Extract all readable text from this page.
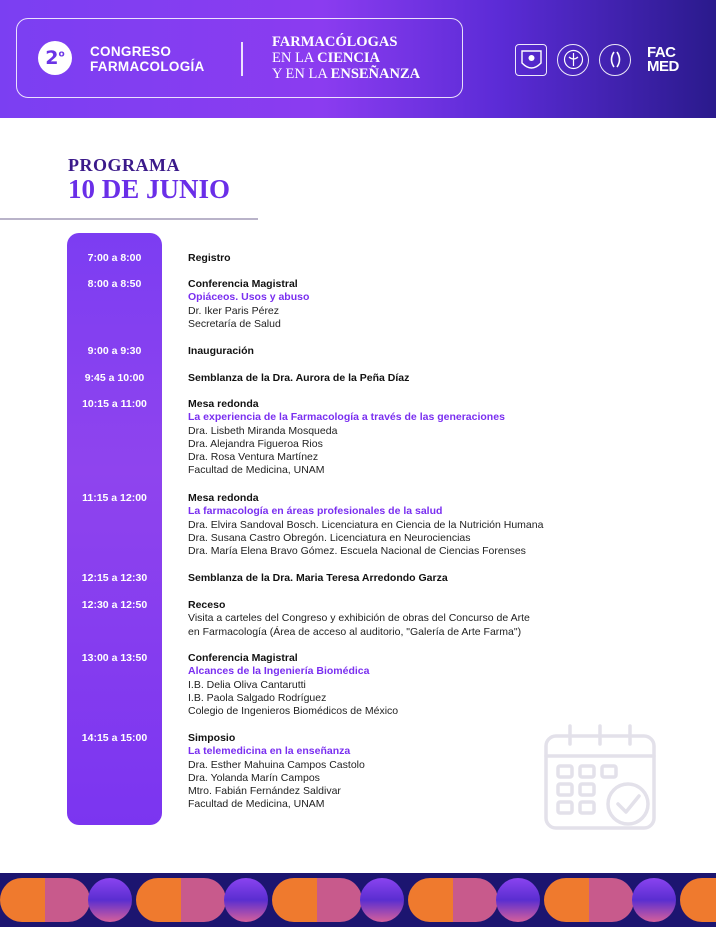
2$^o$	CONGRESO
FARMACOLOGÍA
FARMACÓLOGAS
EN LA CIENCIA
Y EN LA ENSEÑANZA
FAC
MED
PROGRAMA
10 DE JUNIO
7:00 a 8:00	Registro
8:00 a 8:50	Conferencia Magistral
Opiáceos. Usos y abuso
Dr. Iker Paris Pérez
Secretaría de Salud
9:00 a 9:30	Inauguración
9:45 a 10:00	Semblanza de la Dra. Aurora de la Peña Díaz
10:15 a 11:00	Mesa redonda
La experiencia de la Farmacología a través de las generaciones
Dra. Lisbeth Miranda Mosqueda
Dra. Alejandra Figueroa Rios
Dra. Rosa Ventura Martínez
Facultad de Medicina, UNAM
11:15 a 12:00	Mesa redonda
La farmacología en áreas profesionales de la salud
Dra. Elvira Sandoval Bosch. Licenciatura en Ciencia de la Nutrición Humana
Dra. Susana Castro Obregón. Licenciatura en Neurociencias
Dra. María Elena Bravo Gómez. Escuela Nacional de Ciencias Forenses
12:15 a 12:30	Semblanza de la Dra. Maria Teresa Arredondo Garza
12:30 a 12:50	Receso
Visita a carteles del Congreso y exhibición de obras del Concurso de Arte
en Farmacología (Área de acceso al auditorio, "Galería de Arte Farma")
13:00 a 13:50	Conferencia Magistral
Alcances de la Ingeniería Biomédica
I.B. Delia Oliva Cantarutti
I.B. Paola Salgado Rodríguez
Colegio de Ingenieros Biomédicos de México
14:15 a 15:00	Simposio
La telemedicina en la enseñanza
Dra. Esther Mahuina Campos Castolo
Dra. Yolanda Marín Campos
Mtro. Fabián Fernández Saldivar
Facultad de Medicina, UNAM
